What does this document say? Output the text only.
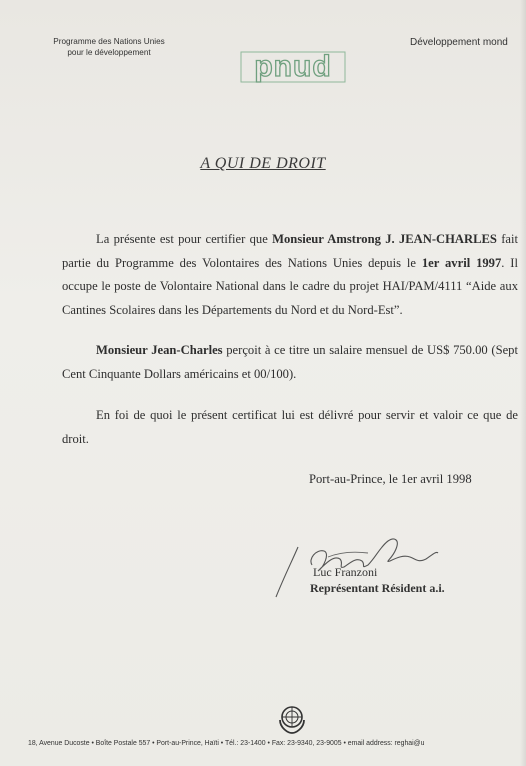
Programme des Nations Unies
pour le développement	pnud
Développement mond
A QUI DE DROIT
La présente est pour certifier que Monsieur Amstrong J. JEAN-CHARLES fait partie du Programme des Volontaires des Nations Unies depuis le 1er avril 1997. Il occupe le poste de Volontaire National dans le cadre du projet HAI/PAM/4111 “Aide aux Cantines Scolaires dans les Départements du Nord et du Nord-Est”.
Monsieur Jean-Charles perçoit à ce titre un salaire mensuel de US$ 750.00 (Sept Cent Cinquante Dollars américains et 00/100).
En foi de quoi le présent certificat lui est délivré pour servir et valoir ce que de droit.
Port-au-Prince, le 1er avril 1998
Luc Franzoni
Représentant Résident a.i.
18, Avenue Ducoste • Boîte Postale 557 • Port-au-Prince, Haïti • Tél.: 23-1400 • Fax: 23-9340, 23-9005 • email address: reghai@u
